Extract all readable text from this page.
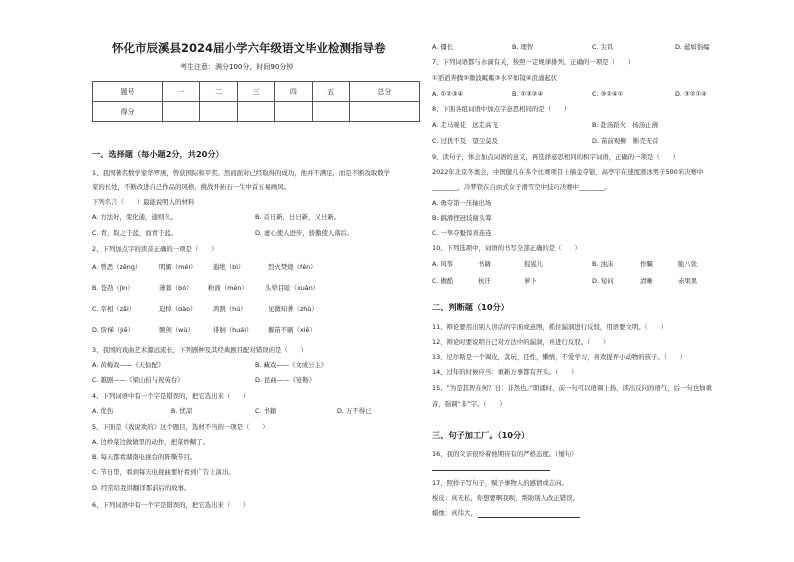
怀化市辰溪县2024届小学六年级语文毕业检测指导卷
考生注意：满分100分，时间90分钟
题号	一	二	三	四	五	总分
得分						
一、选择题（每小题2分，共20分）
1、我国著名数学家华罗庚，曾获国际和平奖。然而面对已经取得的成功，他并不满足，而是不断攻取数学
家的长处，不断改进自己作品的风格，挑战开拓石一生中首五易画风。
下列名言（　　）最能说明人的材料
A. 方法好，变化通，通则久。	B. 首日新，日日新，又日新。
C. 青，取之于蓝，而青于蓝。	D. 虚心使人进步，骄傲使人落后。
2、下列加点字的读音正确的一项是（　　）
A. 曾恶（zēng）	明媚（méi）	遐绝（bì）	烈火焚烧（fén）
B. 苍劲（jìn）	薄暮（bó） 粉面（mén）	头晕目眩（xuàn）
C. 宰相（zǎi）	迫悼（dào）	鸿鹄（hú）	见微知著（zhù）
D. 阶梯（jiē）	剽剑（wù）	徘徊（huái） 揠苗不刷（xiē）
3、我国的戏曲艺术源远流长，下列剧种及其经典剧目配对错误的是（　　）
A. 黄梅戏——《天仙配》	B. 藏戏——《文成公主》
C. 越剧——《梁山伯与祝英台》	D. 昆曲——《宴鞍》
4、下列词语中有一个字是错误的，把它选出来（　　）
A. 优伤	B. 忧凉	C. 书籍	D. 万不得已
5、下面是《戏说欢的》这个题目，选材不当的一项是（　　）
A. 边炒菜边做做里的动作，把菜炒糊了。
B. 每天都看湖南电视台的阵嘶节目。
C. 节日里，看到每天电视曲要好看到广告上演出。
D. 经常给我讲翻译那前后的故事。
6、下列词语中有一个字是错误的，把它选出来（　　）
A. 僵长	B. 理智	C. 尖讥	D. 蕴如指编
7、下列词语都与水滴有关，按照一定规律排列，正确的一项是（　　）
①滔滔奔腾②微波粼粼③水平如镜④浪涌起伏
A. ①②③④	B. ①③②④	C. ③②④①	D. ③②①④
8、下面各组词语中加点字意思相同的是（　　）
A. 走马观花　远走高飞	B. 赴汤蹈火　扬汤止沸
C. 过犹不及　望尘莫及	D. 苗前观柳　断壳无首
9、读句子，体会加点词语的意义，再选择意思相同的积字词语，正确的一项是（　　）
2022年北京冬奥会，中国健儿在多个比赛项目上摘金夺银，高亭宇在速度滑冰男子500米决赛中
________，冷梦铁在自由式女子滑雪空中技巧决赛中________。
A. 勇夺第一压轴出场
B. 搞滑挫冠技谢头筹
C. 一举夺魁惊喜连连
10、下列选项中，词语的书写全部正确的是（　　）
A. 风筝	书籍	猩猩儿	B. 浊沫	作瞩	脆八张
C. 傲酷	杭讦	萝卜	D. 短问	清晰	赤果果
二、判断题（10分）
11、辩论要用出别人讲话的字面或意图，抓住漏洞进行反驳，用语要文明。（　　）
12、辩论时要说明自己对方法中的漏洞，并进行反驳。（　　）
13、尼尔斯是一个调皮，贪玩，任性，懒惰，不爱学习，喜欢捉弄小动物的孩子。（　　）
14、过年的时候应当：重新万事都有开头。（　　）
15、“为是其智在何？日：非然也。”朗诵时，前一句可以语调上扬，读出反问的语气，后一句也加重
音，强调“非”字。（　　）
三、句子加工厂。（10分）
16、我的父亲很怜着他期待有的严格态度。（缩句）
17、照样子写句子，赋予事物人的感情或志向。
梭皮：真无私，你想要啊我呗，帮助别人改正错误。
蜡烛：真伟大，
